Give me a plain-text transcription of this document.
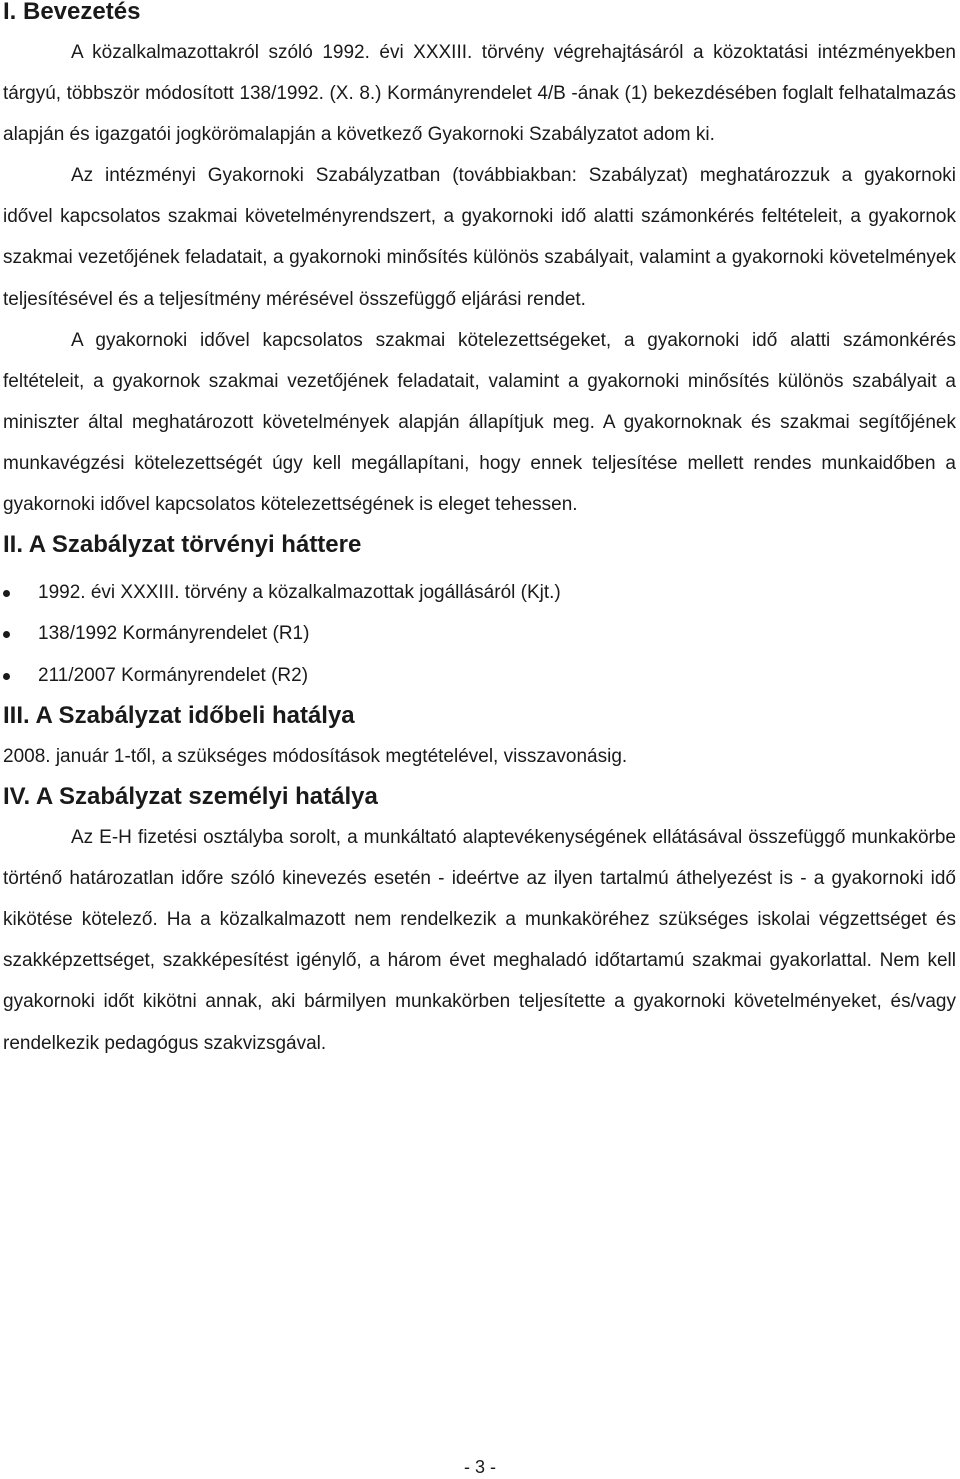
I. Bevezetés

A közalkalmazottakról szóló 1992. évi XXXIII. törvény végrehajtásáról a közoktatási intézményekben tárgyú, többször módosított 138/1992. (X. 8.) Kormányrendelet 4/B -ának (1) bekezdésében foglalt felhatalmazás alapján és igazgatói jogkörömalapján a következő Gyakornoki Szabályzatot adom ki.

Az intézményi Gyakornoki Szabályzatban (továbbiakban: Szabályzat) meghatározzuk a gyakornoki idővel kapcsolatos szakmai követelményrendszert, a gyakornoki idő alatti számonkérés feltételeit, a gyakornok szakmai vezetőjének feladatait, a gyakornoki minősítés különös szabályait, valamint a gyakornoki követelmények teljesítésével és a teljesítmény mérésével összefüggő eljárási rendet.

A gyakornoki idővel kapcsolatos szakmai kötelezettségeket, a gyakornoki idő alatti számonkérés feltételeit, a gyakornok szakmai vezetőjének feladatait, valamint a gyakornoki minősítés különös szabályait a miniszter által meghatározott követelmények alapján állapítjuk meg. A gyakornoknak és szakmai segítőjének munkavégzési kötelezettségét úgy kell megállapítani, hogy ennek teljesítése mellett rendes munkaidőben a gyakornoki idővel kapcsolatos kötelezettségének is eleget tehessen.

II. A Szabályzat törvényi háttere
1992. évi XXXIII. törvény a közalkalmazottak jogállásáról (Kjt.)
138/1992 Kormányrendelet (R1)
211/2007 Kormányrendelet (R2)
III. A Szabályzat időbeli hatálya

2008. január 1-től, a szükséges módosítások megtételével, visszavonásig.

IV. A Szabályzat személyi hatálya

Az E-H fizetési osztályba sorolt, a munkáltató alaptevékenységének ellátásával összefüggő munkakörbe történő határozatlan időre szóló kinevezés esetén - ideértve az ilyen tartalmú áthelyezést is - a gyakornoki idő kikötése kötelező. Ha a közalkalmazott nem rendelkezik a munkaköréhez szükséges iskolai végzettséget és szakképzettséget, szakképesítést igénylő, a három évet meghaladó időtartamú szakmai gyakorlattal. Nem kell gyakornoki időt kikötni annak, aki bármilyen munkakörben teljesítette a gyakornoki követelményeket, és/vagy rendelkezik pedagógus szakvizsgával.

- 3 -
